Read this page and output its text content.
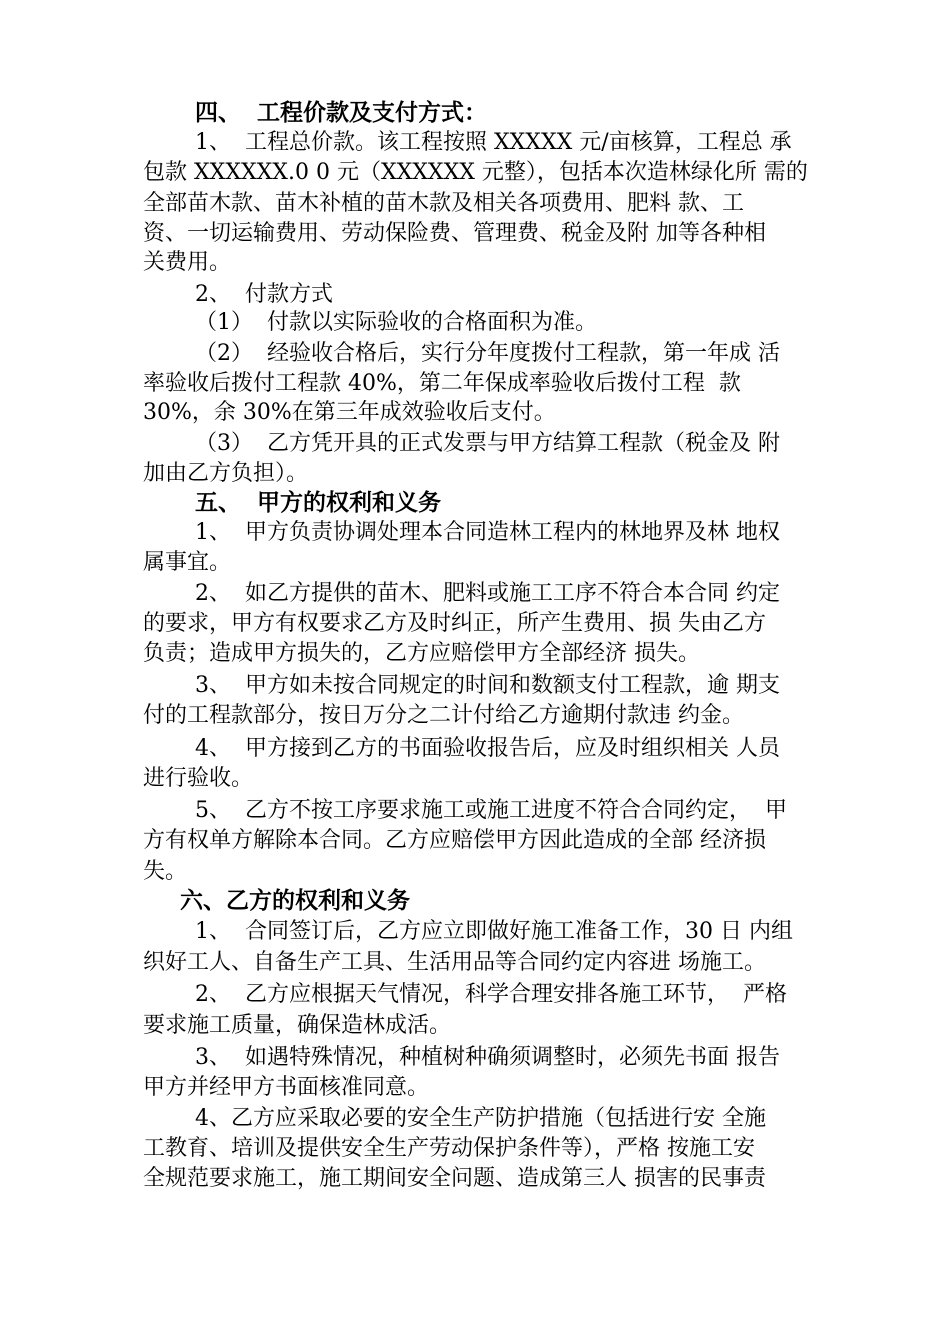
四、  工程价款及支付方式：
1、  工程总价款。该工程按照 XXXXX 元/亩核算，工程总 承
包款 XXXXXX.0 0 元（XXXXXX 元整），包括本次造林绿化所 需的
全部苗木款、苗木补植的苗木款及相关各项费用、肥料 款、工
资、一切运输费用、劳动保险费、管理费、税金及附 加等各种相
关费用。
2、  付款方式
（1）  付款以实际验收的合格面积为准。
（2）  经验收合格后，实行分年度拨付工程款，第一年成 活
率验收后拨付工程款 40%，第二年保成率验收后拨付工程  款
30%，余 30%在第三年成效验收后支付。
（3）  乙方凭开具的正式发票与甲方结算工程款（税金及 附
加由乙方负担）。
五、  甲方的权利和义务
1、  甲方负责协调处理本合同造林工程内的林地界及林 地权
属事宜。
2、  如乙方提供的苗木、肥料或施工工序不符合本合同 约定
的要求，甲方有权要求乙方及时纠正，所产生费用、损 失由乙方
负责；造成甲方损失的，乙方应赔偿甲方全部经济 损失。
3、  甲方如未按合同规定的时间和数额支付工程款，逾 期支
付的工程款部分，按日万分之二计付给乙方逾期付款违 约金。
4、  甲方接到乙方的书面验收报告后，应及时组织相关 人员
进行验收。
5、  乙方不按工序要求施工或施工进度不符合合同约定，  甲
方有权单方解除本合同。乙方应赔偿甲方因此造成的全部 经济损
失。
六、乙方的权利和义务
1、  合同签订后，乙方应立即做好施工准备工作，30 日 内组
织好工人、自备生产工具、生活用品等合同约定内容进 场施工。
2、  乙方应根据天气情况，科学合理安排各施工环节，  严格
要求施工质量，确保造林成活。
3、  如遇特殊情况，种植树种确须调整时，必须先书面 报告
甲方并经甲方书面核准同意。
4、乙方应采取必要的安全生产防护措施（包括进行安 全施
工教育、培训及提供安全生产劳动保护条件等），严格 按施工安
全规范要求施工，施工期间安全问题、造成第三人 损害的民事责
